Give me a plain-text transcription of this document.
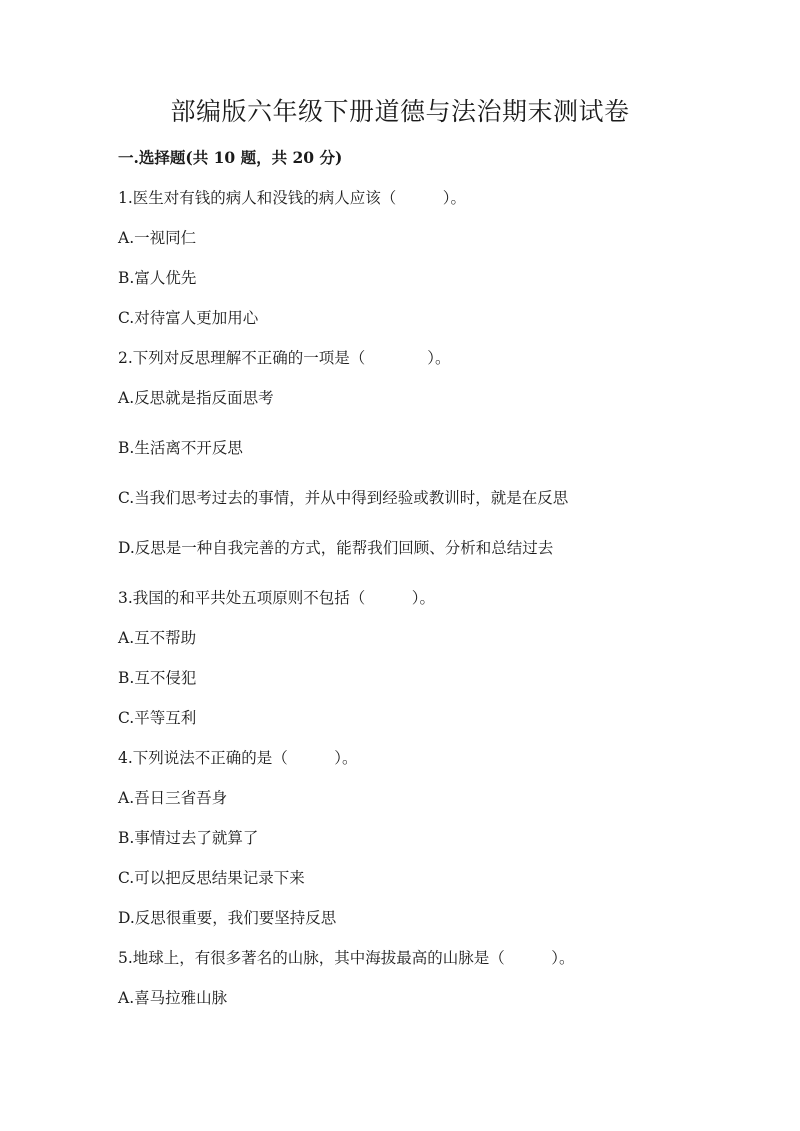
部编版六年级下册道德与法治期末测试卷

一.选择题(共 10 题，共 20 分)

1.医生对有钱的病人和没钱的病人应该（　　　）。

A.一视同仁

B.富人优先

C.对待富人更加用心

2.下列对反思理解不正确的一项是（　　　　）。

A.反思就是指反面思考

B.生活离不开反思

C.当我们思考过去的事情，并从中得到经验或教训时，就是在反思

D.反思是一种自我完善的方式，能帮我们回顾、分析和总结过去

3.我国的和平共处五项原则不包括（　　　）。

A.互不帮助

B.互不侵犯

C.平等互利

4.下列说法不正确的是（　　　）。

A.吾日三省吾身

B.事情过去了就算了

C.可以把反思结果记录下来

D.反思很重要，我们要坚持反思

5.地球上，有很多著名的山脉，其中海拔最高的山脉是（　　　）。

A.喜马拉雅山脉
